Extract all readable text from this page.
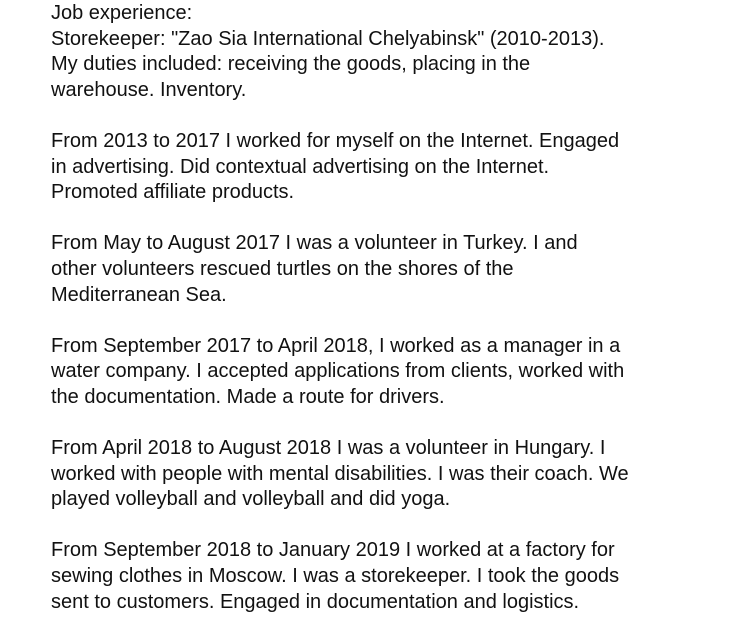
Job experience:
Storekeeper: "Zao Sia International Chelyabinsk" (2010-2013).
My duties included: receiving the goods, placing in the
warehouse. Inventory.

From 2013 to 2017 I worked for myself on the Internet. Engaged
in advertising. Did contextual advertising on the Internet.
Promoted affiliate products.

From May to August 2017 I was a volunteer in Turkey. I and
other volunteers rescued turtles on the shores of the
Mediterranean Sea.

From September 2017 to April 2018, I worked as a manager in a
water company. I accepted applications from clients, worked with
the documentation. Made a route for drivers.

From April 2018 to August 2018 I was a volunteer in Hungary. I
worked with people with mental disabilities. I was their coach. We
played volleyball and volleyball and did yoga.

From September 2018 to January 2019 I worked at a factory for
sewing clothes in Moscow. I was a storekeeper. I took the goods
sent to customers. Engaged in documentation and logistics.
